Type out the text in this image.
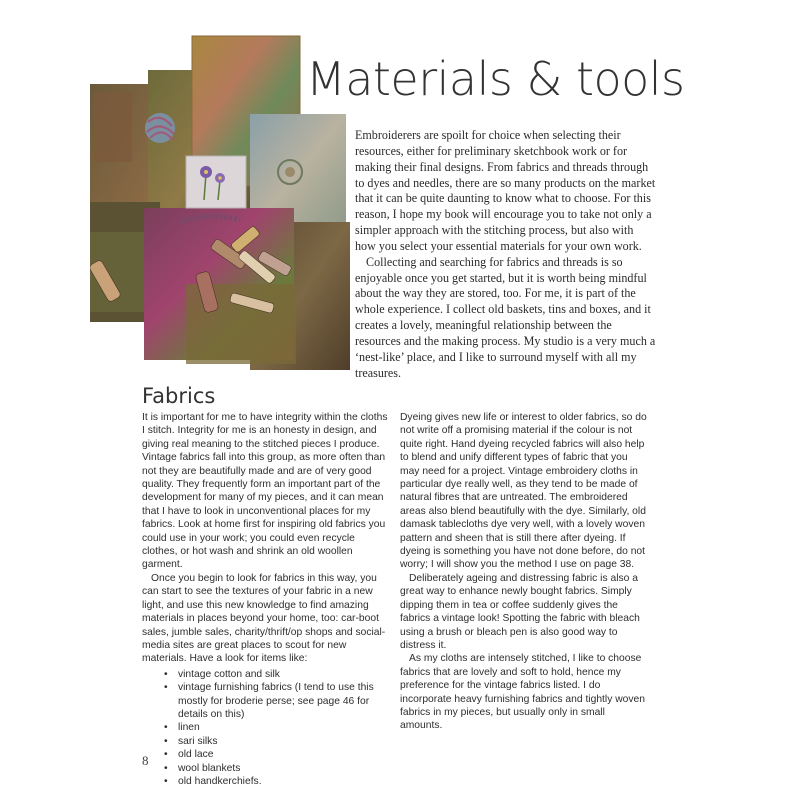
Materials & tools

Embroiderers are spoilt for choice when selecting their resources, either for preliminary sketchbook work or for making their final designs. From fabrics and threads through to dyes and needles, there are so many products on the market that it can be quite daunting to know what to choose. For this reason, I hope my book will encourage you to take not only a simpler approach with the stitching process, but also with how you select your essential materials for your own work.

Collecting and searching for fabrics and threads is so enjoyable once you get started, but it is worth being mindful about the way they are stored, too. For me, it is part of the whole experience. I collect old baskets, tins and boxes, and it creates a lovely, meaningful relationship between the resources and the making process. My studio is a very much a ‘nest-like’ place, and I like to surround myself with all my treasures.

Fabrics

It is important for me to have integrity within the cloths I stitch. Integrity for me is an honesty in design, and giving real meaning to the stitched pieces I produce. Vintage fabrics fall into this group, as more often than not they are beautifully made and are of very good quality. They frequently form an important part of the development for many of my pieces, and it can mean that I have to look in unconventional places for my fabrics. Look at home first for inspiring old fabrics you could use in your work; you could even recycle clothes, or hot wash and shrink an old woollen garment.

Once you begin to look for fabrics in this way, you can start to see the textures of your fabric in a new light, and use this new knowledge to find amazing materials in places beyond your home, too: car-boot sales, jumble sales, charity/thrift/op shops and social-media sites are great places to scout for new materials. Have a look for items like:

• vintage cotton and silk
• vintage furnishing fabrics (I tend to use this mostly for broderie perse; see page 46 for details on this)
• linen
• sari silks
• old lace
• wool blankets
• old handkerchiefs.

Dyeing gives new life or interest to older fabrics, so do not write off a promising material if the colour is not quite right. Hand dyeing recycled fabrics will also help to blend and unify different types of fabric that you may need for a project. Vintage embroidery cloths in particular dye really well, as they tend to be made of natural fibres that are untreated. The embroidered areas also blend beautifully with the dye. Similarly, old damask tablecloths dye very well, with a lovely woven pattern and sheen that is still there after dyeing. If dyeing is something you have not done before, do not worry; I will show you the method I use on page 38.

Deliberately ageing and distressing fabric is also a great way to enhance newly bought fabrics. Simply dipping them in tea or coffee suddenly gives the fabrics a vintage look! Spotting the fabric with bleach using a brush or bleach pen is also good way to distress it.

As my cloths are intensely stitched, I like to choose fabrics that are lovely and soft to hold, hence my preference for the vintage fabrics listed. I do incorporate heavy furnishing fabrics and tightly woven fabrics in my pieces, but usually only in small amounts.

8
